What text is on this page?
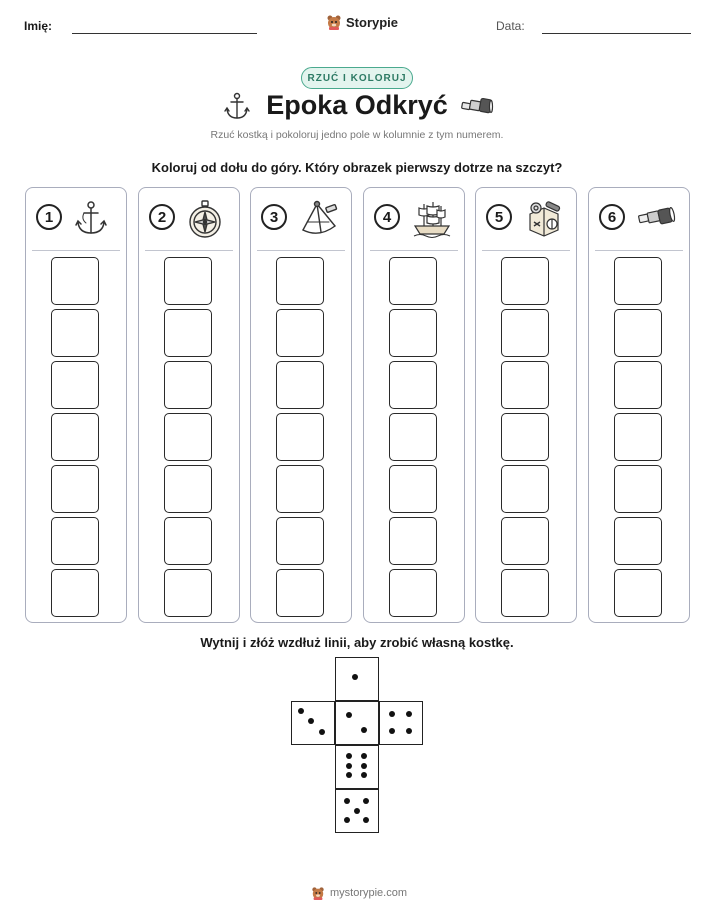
Imię:	Storypie	Data:
RZUĆ I KOLORUJ
Epoka Odkryć
Rzuć kostką i pokoloruj jedno pole w kolumnie z tym numerem.
Koloruj od dołu do góry. Który obrazek pierwszy dotrze na szczyt?
1	2	3	4	5	6
Wytnij i złóż wzdłuż linii, aby zrobić własną kostkę.
mystorypie.com
